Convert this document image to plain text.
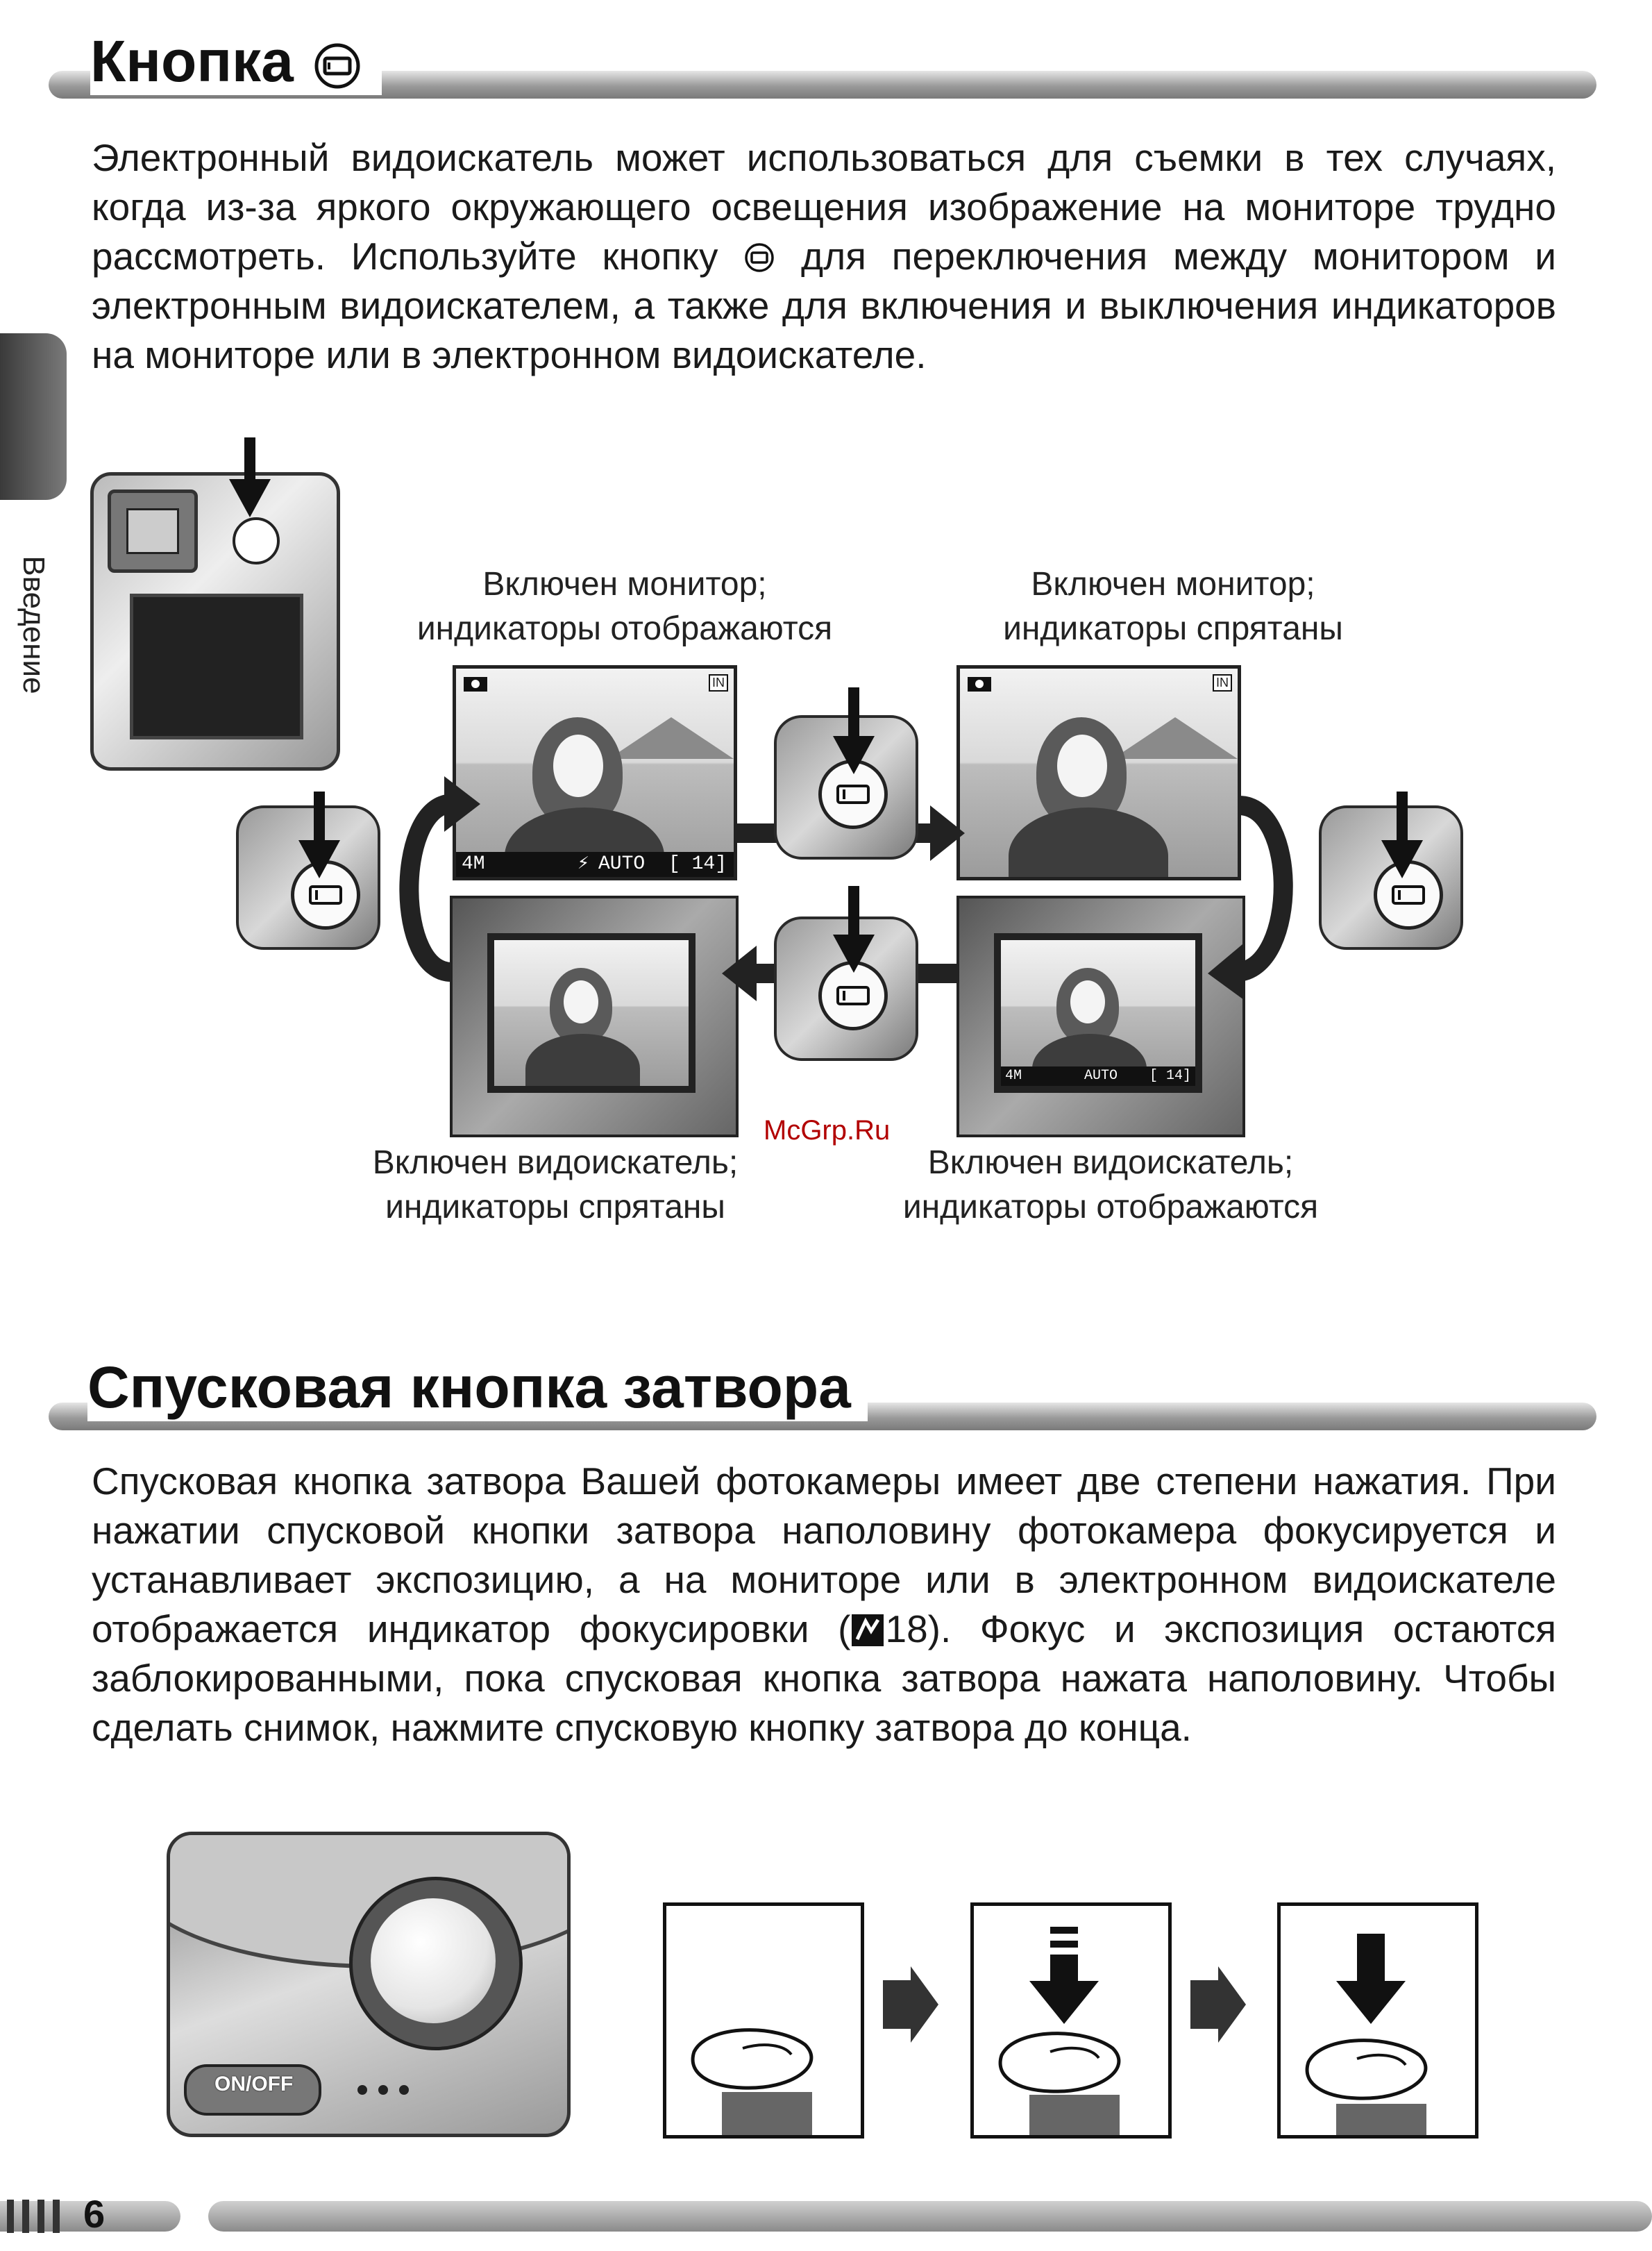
Кнопка
Электронный видоискатель может использоваться для съемки в тех случаях, когда из-за яркого окружающего освещения изображение на мониторе трудно рассмотреть. Используйте кнопку для переключения между монитором и электронным видоискателем, а также для включения и выключения индикаторов на мониторе или в электронном видоискателе.
Введение	Включен монитор;
индикаторы отображаются
Включен монитор;
индикаторы спрятаны
IN
4M	⚡ AUTO [ 14]
IN
4M	AUTO [ 14]
McGrp.Ru
Включен видоискатель;
индикаторы спрятаны
Включен видоискатель;
индикаторы отображаются
Спусковая кнопка затвора
Спусковая кнопка затвора Вашей фотокамеры имеет две степени нажатия. При нажатии спусковой кнопки затвора наполовину фотокамера фокусируется и устанавливает экспозицию, а на мониторе или в электронном видоискателе отображается индикатор фокусировки ( 18). Фокус и экспозиция остаются заблокированными, пока спусковая кнопка затвора нажата наполовину. Чтобы сделать снимок, нажмите спусковую кнопку затвора до конца.
ON/OFF
6
